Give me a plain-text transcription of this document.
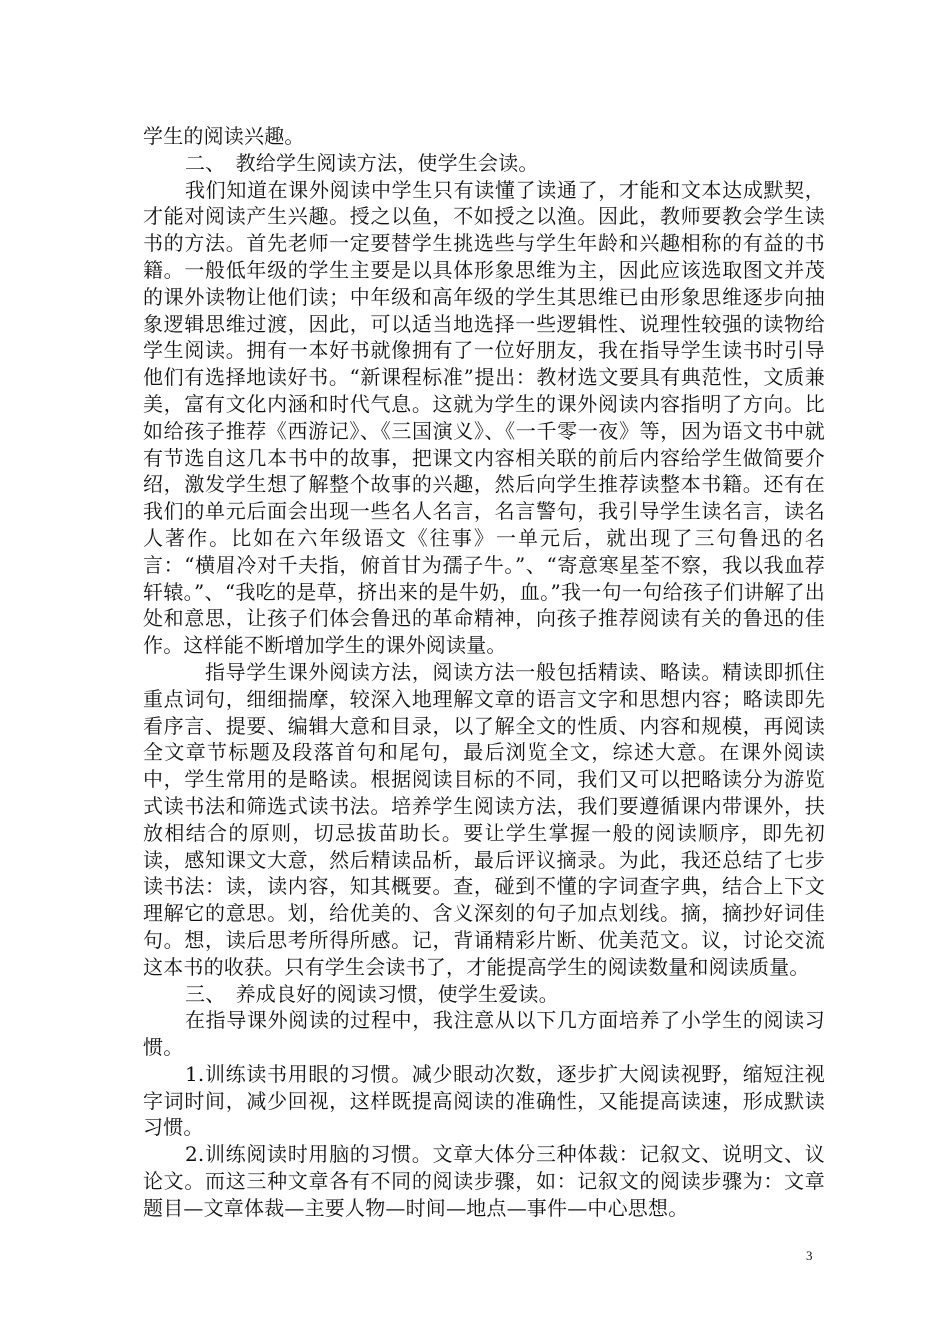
学生的阅读兴趣。

二、　教给学生阅读方法，使学生会读。

我们知道在课外阅读中学生只有读懂了读通了，才能和文本达成默契，才能对阅读产生兴趣。授之以鱼，不如授之以渔。因此，教师要教会学生读书的方法。首先老师一定要替学生挑选些与学生年龄和兴趣相称的有益的书籍。一般低年级的学生主要是以具体形象思维为主，因此应该选取图文并茂的课外读物让他们读；中年级和高年级的学生其思维已由形象思维逐步向抽象逻辑思维过渡，因此，可以适当地选择一些逻辑性、说理性较强的读物给学生阅读。拥有一本好书就像拥有了一位好朋友，我在指导学生读书时引导他们有选择地读好书。“新课程标准”提出：教材选文要具有典范性，文质兼美，富有文化内涵和时代气息。这就为学生的课外阅读内容指明了方向。比如给孩子推荐《西游记》、《三国演义》、《一千零一夜》等，因为语文书中就有节选自这几本书中的故事，把课文内容相关联的前后内容给学生做简要介绍，激发学生想了解整个故事的兴趣，然后向学生推荐读整本书籍。还有在我们的单元后面会出现一些名人名言，名言警句，我引导学生读名言，读名人著作。比如在六年级语文《往事》一单元后，就出现了三句鲁迅的名言：“横眉冷对千夫指，俯首甘为孺子牛。”、“寄意寒星荃不察，我以我血荐轩辕。”、“我吃的是草，挤出来的是牛奶，血。”我一句一句给孩子们讲解了出处和意思，让孩子们体会鲁迅的革命精神，向孩子推荐阅读有关的鲁迅的佳作。这样能不断增加学生的课外阅读量。

指导学生课外阅读方法，阅读方法一般包括精读、略读。精读即抓住重点词句，细细揣摩，较深入地理解文章的语言文字和思想内容；略读即先看序言、提要、编辑大意和目录，以了解全文的性质、内容和规模，再阅读全文章节标题及段落首句和尾句，最后浏览全文，综述大意。在课外阅读中，学生常用的是略读。根据阅读目标的不同，我们又可以把略读分为游览式读书法和筛选式读书法。培养学生阅读方法，我们要遵循课内带课外，扶放相结合的原则，切忌拔苗助长。要让学生掌握一般的阅读顺序，即先初读，感知课文大意，然后精读品析，最后评议摘录。为此，我还总结了七步读书法：读，读内容，知其概要。查，碰到不懂的字词查字典，结合上下文理解它的意思。划，给优美的、含义深刻的句子加点划线。摘，摘抄好词佳句。想，读后思考所得所感。记，背诵精彩片断、优美范文。议，讨论交流这本书的收获。只有学生会读书了，才能提高学生的阅读数量和阅读质量。

三、　养成良好的阅读习惯，使学生爱读。

在指导课外阅读的过程中，我注意从以下几方面培养了小学生的阅读习惯。

1.训练读书用眼的习惯。减少眼动次数，逐步扩大阅读视野，缩短注视字词时间，减少回视，这样既提高阅读的准确性，又能提高读速，形成默读习惯。

2.训练阅读时用脑的习惯。文章大体分三种体裁：记叙文、说明文、议论文。而这三种文章各有不同的阅读步骤，如：记叙文的阅读步骤为：文章题目—文章体裁—主要人物—时间—地点—事件—中心思想。

3
